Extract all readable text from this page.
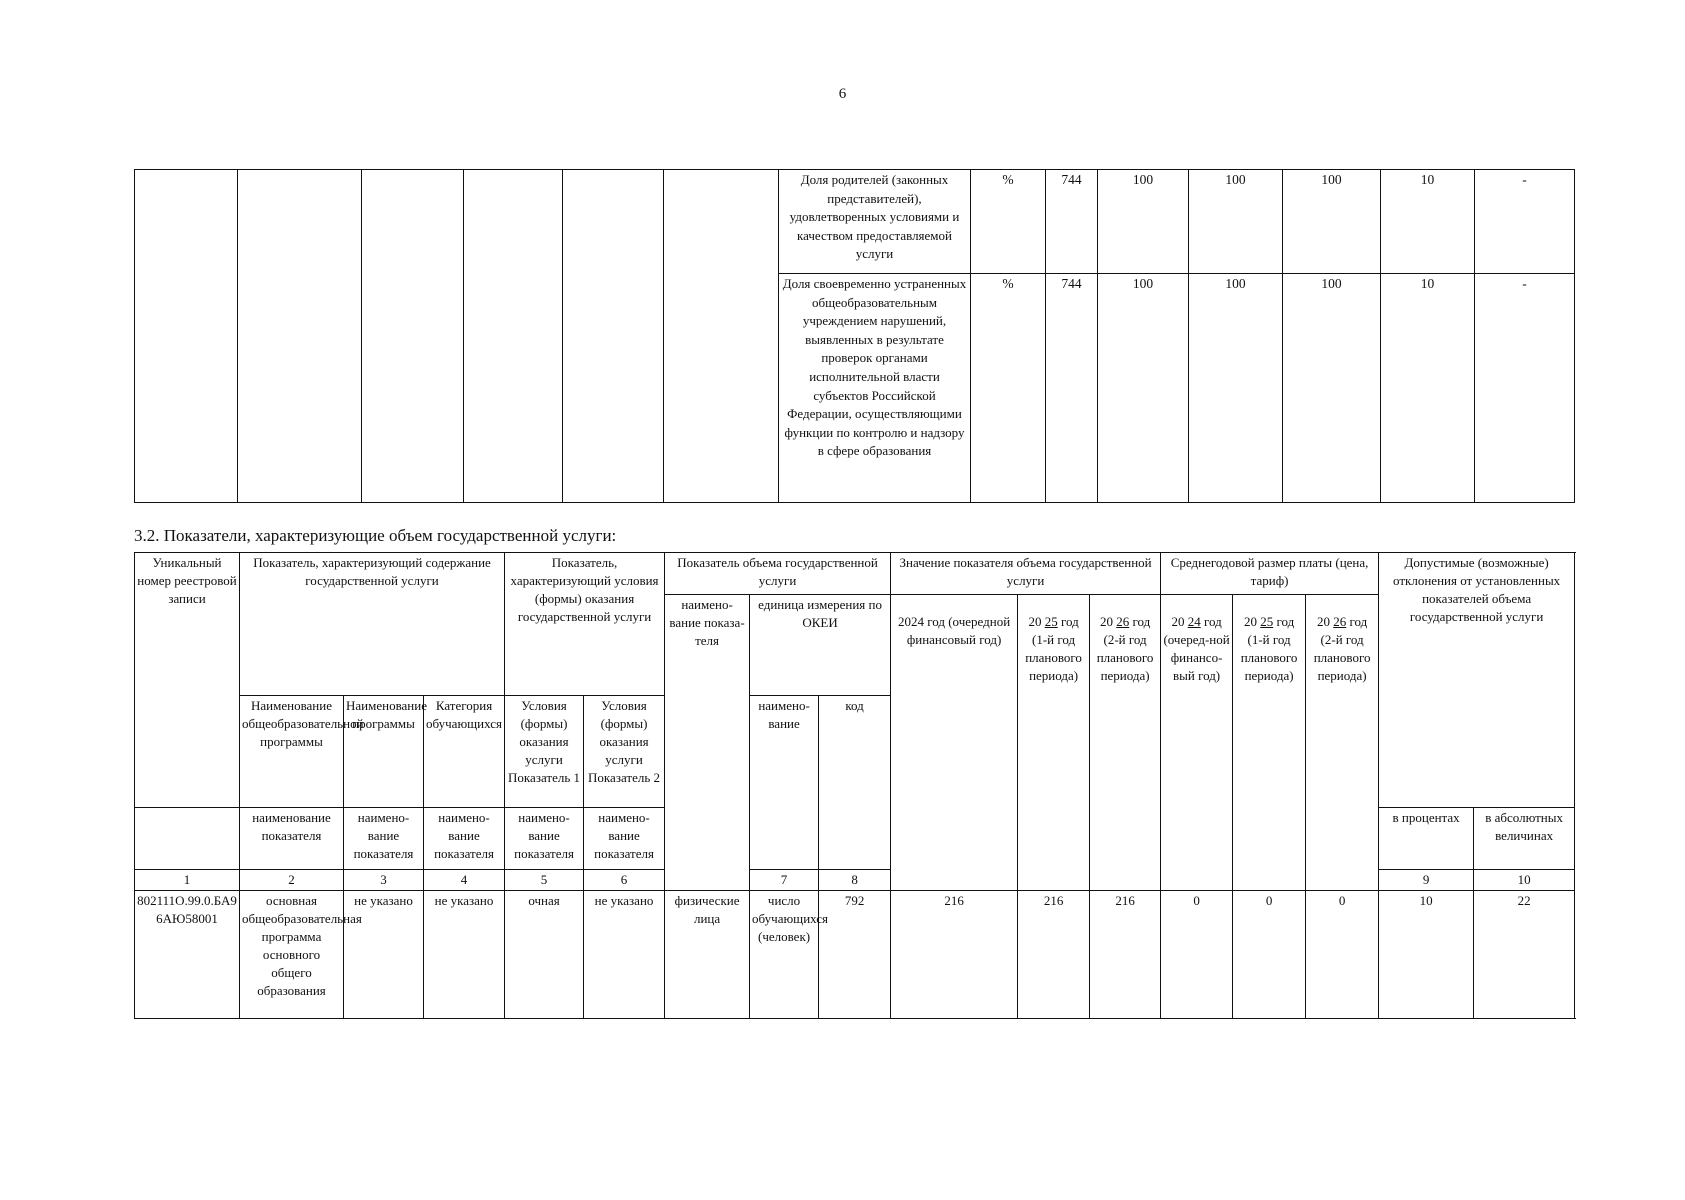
6
						Доля родителей (законных представителей), удовлетворенных условиями и качеством предоставляемой услуги	%	744	100	100	100	10	-
						Доля своевременно устраненных общеобразовательным учреждением нарушений, выявленных в результате проверок органами исполнительной власти субъектов Российской Федерации, осуществляющими функции по контролю и надзору в сфере образования	%	744	100	100	100	10	-
3.2. Показатели, характеризующие объем государственной услуги:
Уникальный номер реестровой записи	Показатель, характеризующий содержание государственной услуги			Показатель, характеризующий условия (формы) оказания государственной услуги		Показатель объема государственной услуги			Значение показателя объема государственной услуги			Среднегодовой размер платы (цена, тариф)			Допустимые (возможные) отклонения от установленных показателей объема государственной услуги		
						наимено-вание показа-теля	единица измерения по ОКЕИ		2024 год (очередной финансовый год)	20 25 год (1-й год планового периода)	20 26 год (2-й год планового периода)	20 24 год (очеред-ной финансо-вый год)	20 25 год (1-й год планового периода)	20 26 год (2-й год планового периода)			
	Наименование общеобразовательной программы	Наименование программы	Категория обучающихся	Условия (формы) оказания услуги Показатель 1	Условия (формы) оказания услуги Показатель 2		наимено-вание	код									
	наименование показателя	наимено-вание показателя	наимено-вание показателя	наимено-вание показателя	наимено-вание показателя										в процентах	в абсолютных величинах	
1	2	3	4	5	6		7	8							9	10							
802111О.99.0.БА96АЮ58001	основная общеобразовательная программа основного общего образования	не указано	не указано	очная	не указано	физические лица	число обучающихся (человек)	792	216	216	216	0	0	0	10	22	
